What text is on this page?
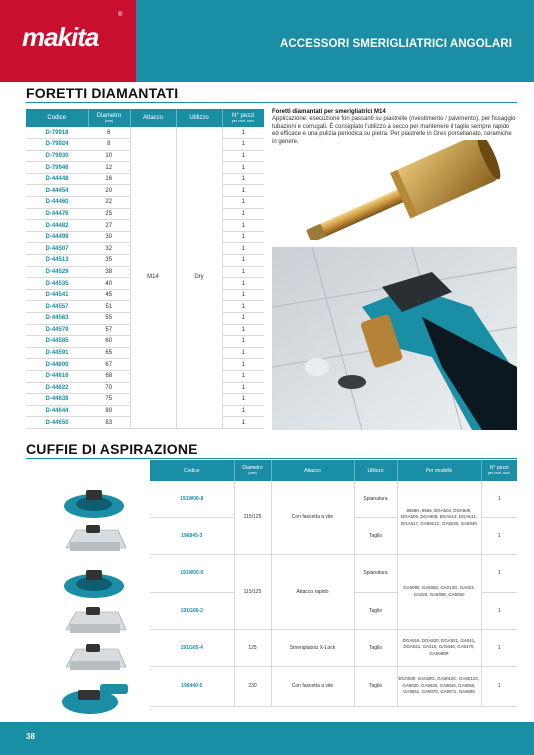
makita
®
ACCESSORI SMERIGLIATRICI ANGOLARI
FORETTI DIAMANTATI
Codice	Diametro
(mm)	Attacco	Utilizzo	N° pezzi
per conf. com.

D-79918	6	M14	Dry	1
D-79924	8			1
D-79930	10			1
D-79946	12			1
D-44448	16			1
D-44454	20			1
D-44460	22			1
D-44476	25			1
D-44482	27			1
D-44498	30			1
D-44507	32			1
D-44513	35			1
D-44529	38			1
D-44535	40			1
D-44541	45			1
D-44557	51			1
D-44563	55			1
D-44579	57			1
D-44585	60			1
D-44591	65			1
D-44600	67			1
D-44616	68			1
D-44622	70			1
D-44638	75			1
D-44644	80			1
D-44650	83			1
Foretti diamantati per smerigliatrici M14
Applicazione: esecuzione fori passanti su piastrelle (rivestimento / pavimento), per fissaggio tubazioni e corrugati. È consigliato l'utilizzo a secco per mantenere il taglio sempre rapido ed efficace e una pulizia periodica su pietra. Per piastrelle in Gres porcellanato, ceramiche in genere.
CUFFIE DI ASPIRAZIONE
Codice	Diametro
(mm)	Attacco	Utilizzo	Per modello	N° pezzi
per conf. com.

191W06-8	115/125	Con fascetta a vite	Spianatura	9558H, 9565, DGA504, DGA505, DGA506, DGA508, DGA513, DGA514, DGA517, GA9021C, GA5030, GA5040	1
196845-3			Taglio		1
191W05-0	115/125	Attacco rapido	Spianatura	GA5090, GA5050, GA013G, GA023, GA029, GA5050, GA5050	1
191G06-2			Taglio		1
191G05-4	125	Smerigliatrici X-Lock	Taglio	DGA519, DGA520, DGA521, GA041, DGA521, GA416, GA0440, GA0470, GA5080R	1
196440-5	230	Con fascetta a vite	Taglio	DGA900, GA038G, GA9010C, GA9012C, GA9020, GA9030, GA9040, GA9050, GA9061, GA9070, GA9071, GA9080	1
38
